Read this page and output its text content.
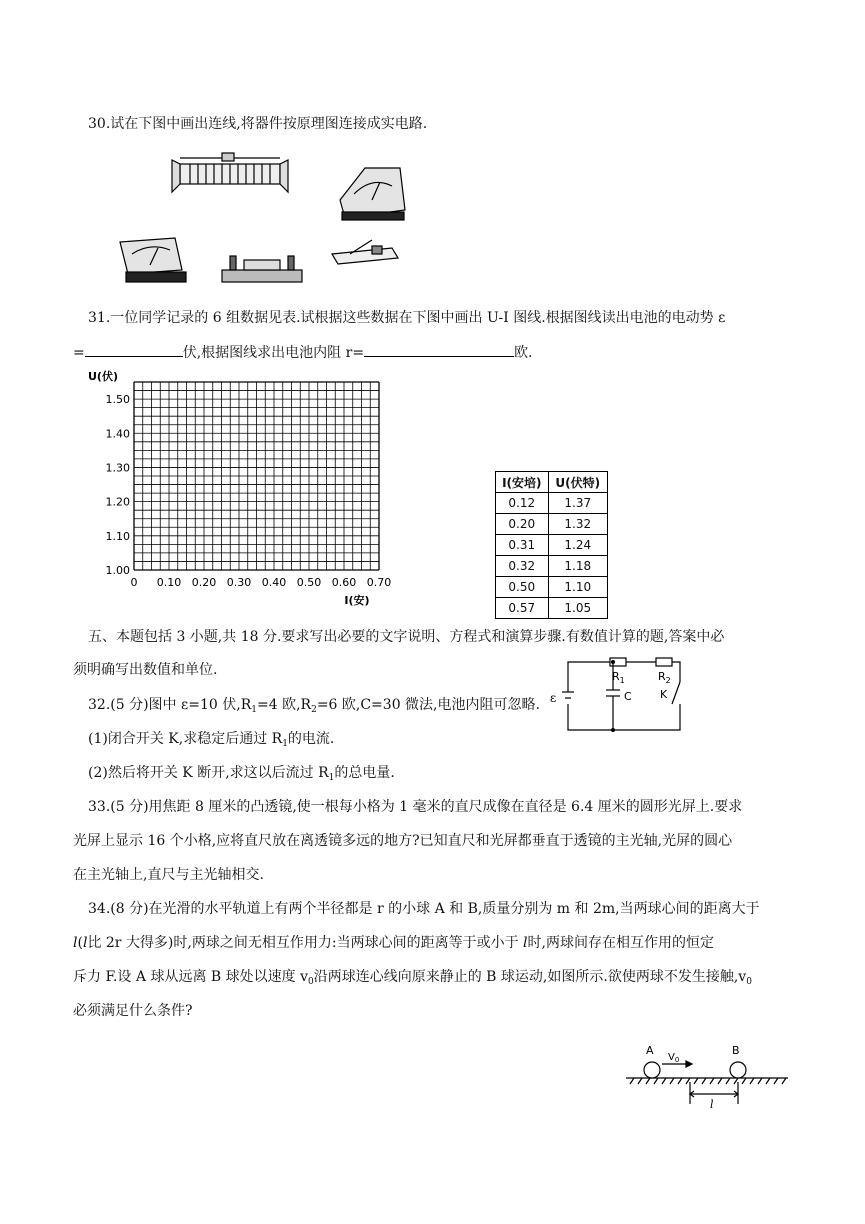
30.试在下图中画出连线,将器件按原理图连接成实电路.
31.一位同学记录的 6 组数据见表.试根据这些数据在下图中画出 U-I 图线.根据图线读出电池的电动势 ε
=	伏,根据图线求出电池内阻 r=	欧.
0 0.10 0.20 0.30 0.40 0.50 0.60 0.70
1.00
1.10
1.20
1.30
1.40
1.50
U(伏)
I(安)
I(安培)	U(伏特)
0.12	1.37
0.20	1.32
0.31	1.24
0.32	1.18
0.50	1.10
0.57	1.05
五、本题包括 3 小题,共 18 分.要求写出必要的文字说明、方程式和演算步骤.有数值计算的题,答案中必
须明确写出数值和单位.
32.(5 分)图中 ε=10 伏$,R_1=4$ 欧$,R_2=6$ 欧,C=30 微法,电池内阻可忽略.
(1)闭合开关 K,求稳定后通过 $R_1$的电流.
(2)然后将开关 K 断开,求这以后流过 $R_1$的总电量.
ε
$R_1$	$R_2$
C	K
33.(5 分)用焦距 8 厘米的凸透镜,使一根每小格为 1 毫米的直尺成像在直径是 6.4 厘米的圆形光屏上.要求
光屏上显示 16 个小格,应将直尺放在离透镜多远的地方?已知直尺和光屏都垂直于透镜的主光轴,光屏的圆心
在主光轴上,直尺与主光轴相交.
34.(8 分)在光滑的水平轨道上有两个半径都是 r 的小球 A 和 B,质量分别为 m 和 2m,当两球心间的距离大于
l(l比 2r 大得多)时,两球之间无相互作用力:当两球心间的距离等于或小于 l时,两球间存在相互作用的恒定
斥力 F.设 A 球从远离 B 球处以速度 $v_0$沿两球连心线向原来静止的 B 球运动,如图所示.欲使两球不发生接触$,v_0$
必须满足什么条件?
A	B
$V_0$
l
